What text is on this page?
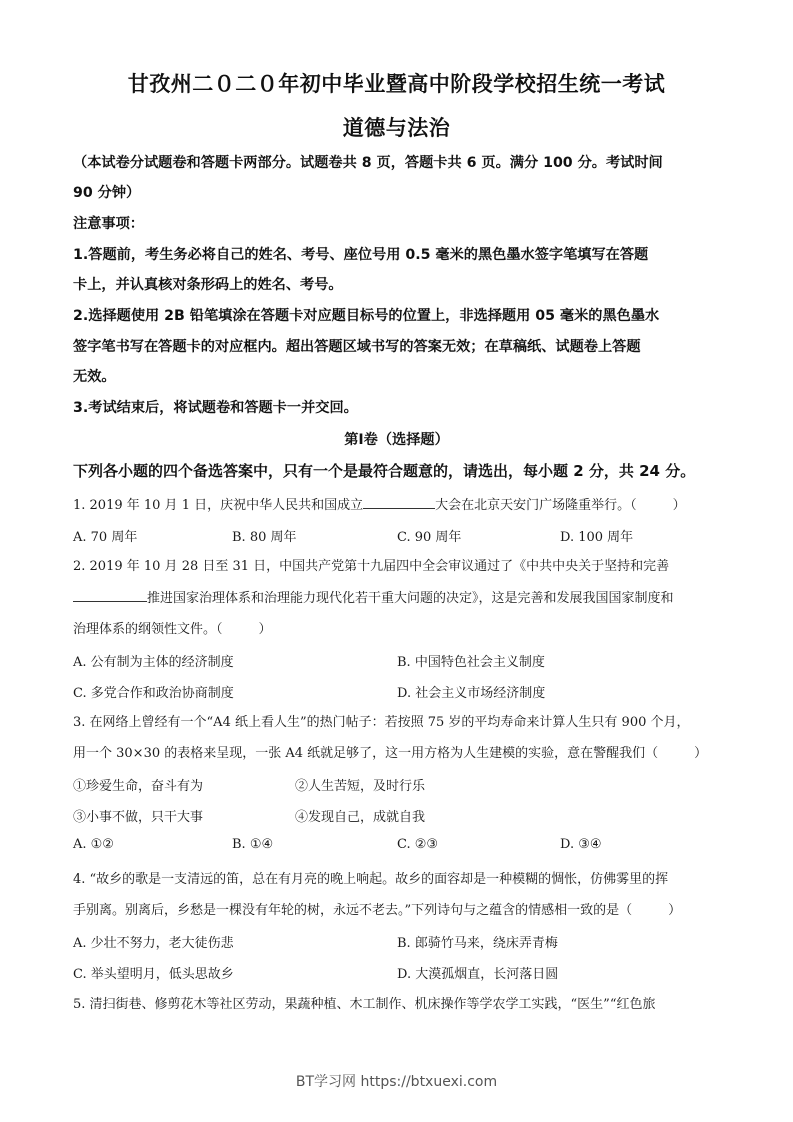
甘孜州二０二０年初中毕业暨高中阶段学校招生统一考试
道德与法治
（本试卷分试题卷和答题卡两部分。试题卷共 8 页，答题卡共 6 页。满分 100 分。考试时间
90 分钟）
注意事项：
1.答题前，考生务必将自己的姓名、考号、座位号用 0.5 毫米的黑色墨水签字笔填写在答题
卡上，并认真核对条形码上的姓名、考号。
2.选择题使用 2B 铅笔填涂在答题卡对应题目标号的位置上，非选择题用 05 毫米的黑色墨水
签字笔书写在答题卡的对应框内。超出答题区域书写的答案无效；在草稿纸、试题卷上答题
无效。
3.考试结束后，将试题卷和答题卡一并交回。
第Ⅰ卷（选择题）
下列各小题的四个备选答案中，只有一个是最符合题意的，请选出，每小题 2 分，共 24 分。
1. 2019 年 10 月 1 日，庆祝中华人民共和国成立	大会在北京天安门广场隆重举行。（	）
A. 70 周年	B. 80 周年	C. 90 周年	D. 100 周年
2. 2019 年 10 月 28 日至 31 日，中国共产党第十九届四中全会审议通过了《中共中央关于坚持和完善
推进国家治理体系和治理能力现代化若干重大问题的决定》，这是完善和发展我国国家制度和
治理体系的纲领性文件。（	）
A. 公有制为主体的经济制度	B. 中国特色社会主义制度
C. 多党合作和政治协商制度	D. 社会主义市场经济制度
3. 在网络上曾经有一个“A4 纸上看人生”的热门帖子：若按照 75 岁的平均寿命来计算人生只有 900 个月，
用一个 30×30 的表格来呈现，一张 A4 纸就足够了，这一用方格为人生建模的实验，意在警醒我们（	）
①珍爱生命，奋斗有为	②人生苦短，及时行乐
③小事不做，只干大事	④发现自己，成就自我
A. ①②	B. ①④	C. ②③	D. ③④
4. “故乡的歌是一支清远的笛，总在有月亮的晚上响起。故乡的面容却是一种模糊的惆怅，仿佛雾里的挥
手别离。别离后，乡愁是一棵没有年轮的树，永远不老去。”下列诗句与之蕴含的情感相一致的是（	）
A. 少壮不努力，老大徒伤悲	B. 郎骑竹马来，绕床弄青梅
C. 举头望明月，低头思故乡	D. 大漠孤烟直，长河落日圆
5. 清扫街巷、修剪花木等社区劳动，果蔬种植、木工制作、机床操作等学农学工实践，“医生”“红色旅
BT学习网 https://btxuexi.com
